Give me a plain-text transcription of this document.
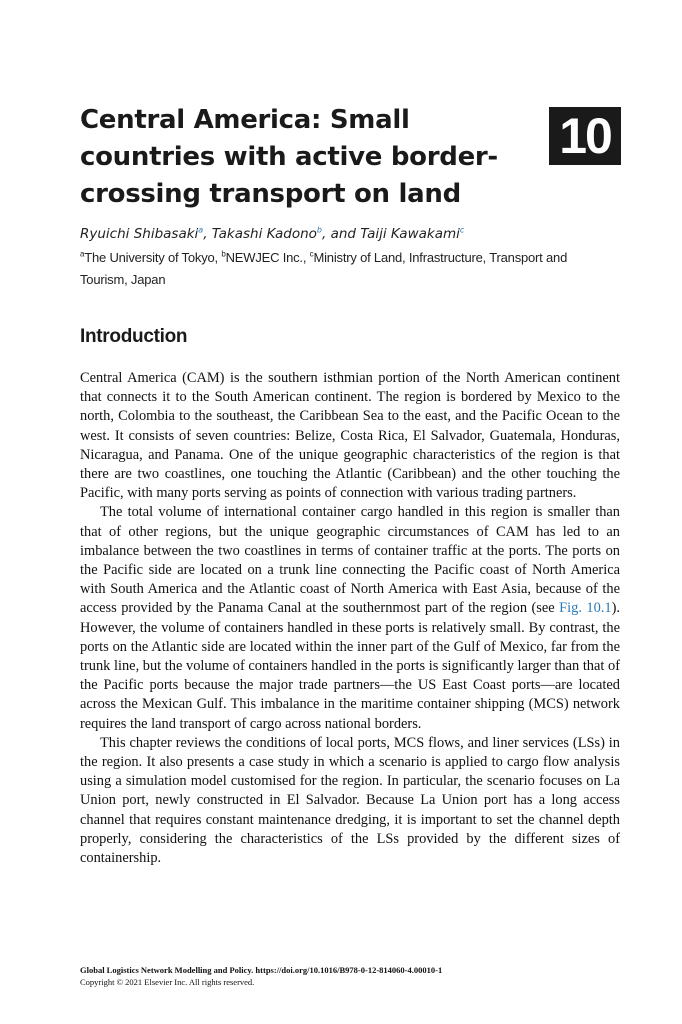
Central America: Small countries with active border-crossing transport on land
10
Ryuichi Shibasaki$^a$, Takashi Kadono$^b$, and Taiji Kawakami$^c$
$^a$The University of Tokyo, $^b$NEWJEC Inc., $^c$Ministry of Land, Infrastructure, Transport and Tourism, Japan
Introduction

Central America (CAM) is the southern isthmian portion of the North American continent that connects it to the South American continent. The region is bordered by Mexico to the north, Colombia to the southeast, the Caribbean Sea to the east, and the Pacific Ocean to the west. It consists of seven countries: Belize, Costa Rica, El Salvador, Guatemala, Honduras, Nicaragua, and Panama. One of the unique geographic characteristics of the region is that there are two coastlines, one touching the Atlantic (Caribbean) and the other touching the Pacific, with many ports serving as points of connection with various trading partners.

The total volume of international container cargo handled in this region is smaller than that of other regions, but the unique geographic circumstances of CAM has led to an imbalance between the two coastlines in terms of container traffic at the ports. The ports on the Pacific side are located on a trunk line connecting the Pacific coast of North America with South America and the Atlantic coast of North America with East Asia, because of the access provided by the Panama Canal at the southernmost part of the region (see Fig. 10.1). However, the volume of containers handled in these ports is relatively small. By contrast, the ports on the Atlantic side are located within the inner part of the Gulf of Mexico, far from the trunk line, but the volume of containers handled in the ports is significantly larger than that of the Pacific ports because the major trade partners—the US East Coast ports—are located across the Mexican Gulf. This imbalance in the maritime container shipping (MCS) network requires the land transport of cargo across national borders.

This chapter reviews the conditions of local ports, MCS flows, and liner services (LSs) in the region. It also presents a case study in which a scenario is applied to cargo flow analysis using a simulation model customised for the region. In particular, the scenario focuses on La Union port, newly constructed in El Salvador. Because La Union port has a long access channel that requires constant maintenance dredging, it is important to set the channel depth properly, considering the characteristics of the LSs provided by the different sizes of containership.

Global Logistics Network Modelling and Policy. https://doi.org/10.1016/B978-0-12-814060-4.00010-1
Copyright © 2021 Elsevier Inc. All rights reserved.
